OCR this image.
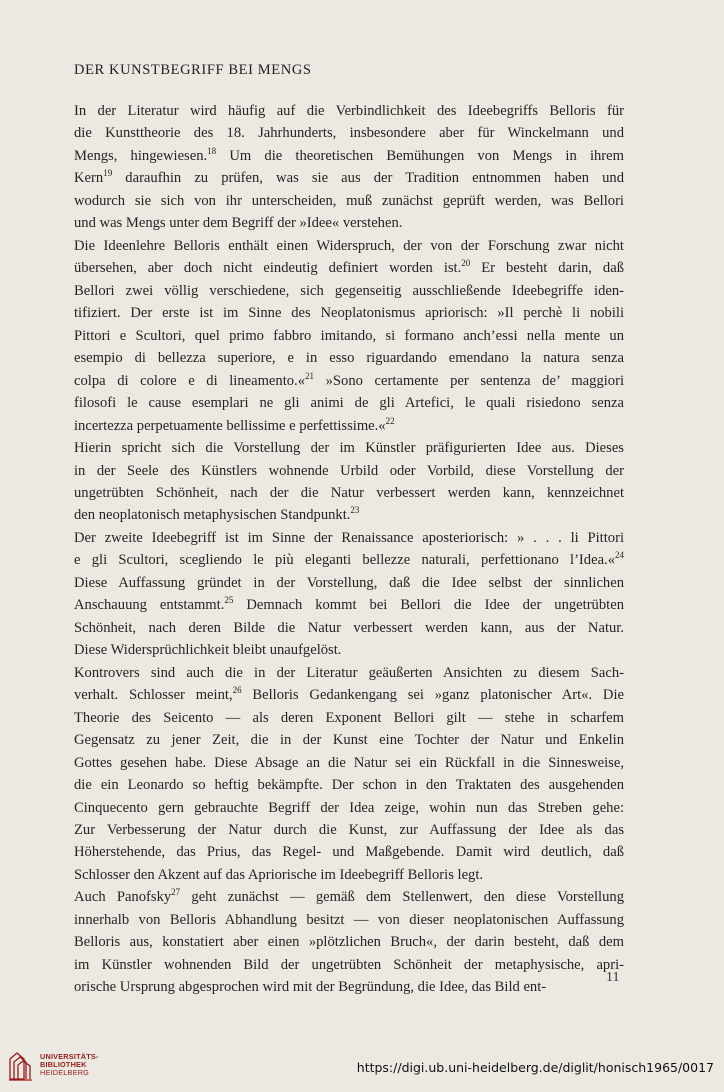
DER KUNSTBEGRIFF BEI MENGS
In der Literatur wird häufig auf die Verbindlichkeit des Ideebegriffs Belloris für
die Kunsttheorie des 18. Jahrhunderts, insbesondere aber für Winckelmann und
Mengs, hingewiesen.$^{18}$ Um die theoretischen Bemühungen von Mengs in ihrem
Kern$^{19}$ daraufhin zu prüfen, was sie aus der Tradition entnommen haben und
wodurch sie sich von ihr unterscheiden, muß zunächst geprüft werden, was Bellori
und was Mengs unter dem Begriff der »Idee« verstehen.
Die Ideenlehre Belloris enthält einen Widerspruch, der von der Forschung zwar nicht
übersehen, aber doch nicht eindeutig definiert worden ist.$^{20}$ Er besteht darin, daß
Bellori zwei völlig verschiedene, sich gegenseitig ausschließende Ideebegriffe iden-
tifiziert. Der erste ist im Sinne des Neoplatonismus apriorisch: »Il perchè li nobili
Pittori e Scultori, quel primo fabbro imitando, si formano anch’essi nella mente un
esempio di bellezza superiore, e in esso riguardando emendano la natura senza
colpa di colore e di lineamento.«$^{21}$ »Sono certamente per sentenza de’ maggiori
filosofi le cause esemplari ne gli animi de gli Artefici, le quali risiedono senza
incertezza perpetuamente bellissime e perfettissime.«$^{22}$
Hierin spricht sich die Vorstellung der im Künstler präfigurierten Idee aus. Dieses
in der Seele des Künstlers wohnende Urbild oder Vorbild, diese Vorstellung der
ungetrübten Schönheit, nach der die Natur verbessert werden kann, kennzeichnet
den neoplatonisch metaphysischen Standpunkt.$^{23}$
Der zweite Ideebegriff ist im Sinne der Renaissance aposteriorisch: » . . . li Pittori
e gli Scultori, scegliendo le più eleganti bellezze naturali, perfettionano l’Idea.«$^{24}$
Diese Auffassung gründet in der Vorstellung, daß die Idee selbst der sinnlichen
Anschauung entstammt.$^{25}$ Demnach kommt bei Bellori die Idee der ungetrübten
Schönheit, nach deren Bilde die Natur verbessert werden kann, aus der Natur.
Diese Widersprüchlichkeit bleibt unaufgelöst.
Kontrovers sind auch die in der Literatur geäußerten Ansichten zu diesem Sach-
verhalt. Schlosser meint,$^{26}$ Belloris Gedankengang sei »ganz platonischer Art«. Die
Theorie des Seicento — als deren Exponent Bellori gilt — stehe in scharfem
Gegensatz zu jener Zeit, die in der Kunst eine Tochter der Natur und Enkelin
Gottes gesehen habe. Diese Absage an die Natur sei ein Rückfall in die Sinnesweise,
die ein Leonardo so heftig bekämpfte. Der schon in den Traktaten des ausgehenden
Cinquecento gern gebrauchte Begriff der Idea zeige, wohin nun das Streben gehe:
Zur Verbesserung der Natur durch die Kunst, zur Auffassung der Idee als das
Höherstehende, das Prius, das Regel- und Maßgebende. Damit wird deutlich, daß
Schlosser den Akzent auf das Apriorische im Ideebegriff Belloris legt.
Auch Panofsky$^{27}$ geht zunächst — gemäß dem Stellenwert, den diese Vorstellung
innerhalb von Belloris Abhandlung besitzt — von dieser neoplatonischen Auffassung
Belloris aus, konstatiert aber einen »plötzlichen Bruch«, der darin besteht, daß dem
im Künstler wohnenden Bild der ungetrübten Schönheit der metaphysische, apri-
orische Ursprung abgesprochen wird mit der Begründung, die Idee, das Bild ent-
11
UNIVERSITÄTS-
BIBLIOTHEK
HEIDELBERG	https://digi.ub.uni-heidelberg.de/diglit/honisch1965/0017
